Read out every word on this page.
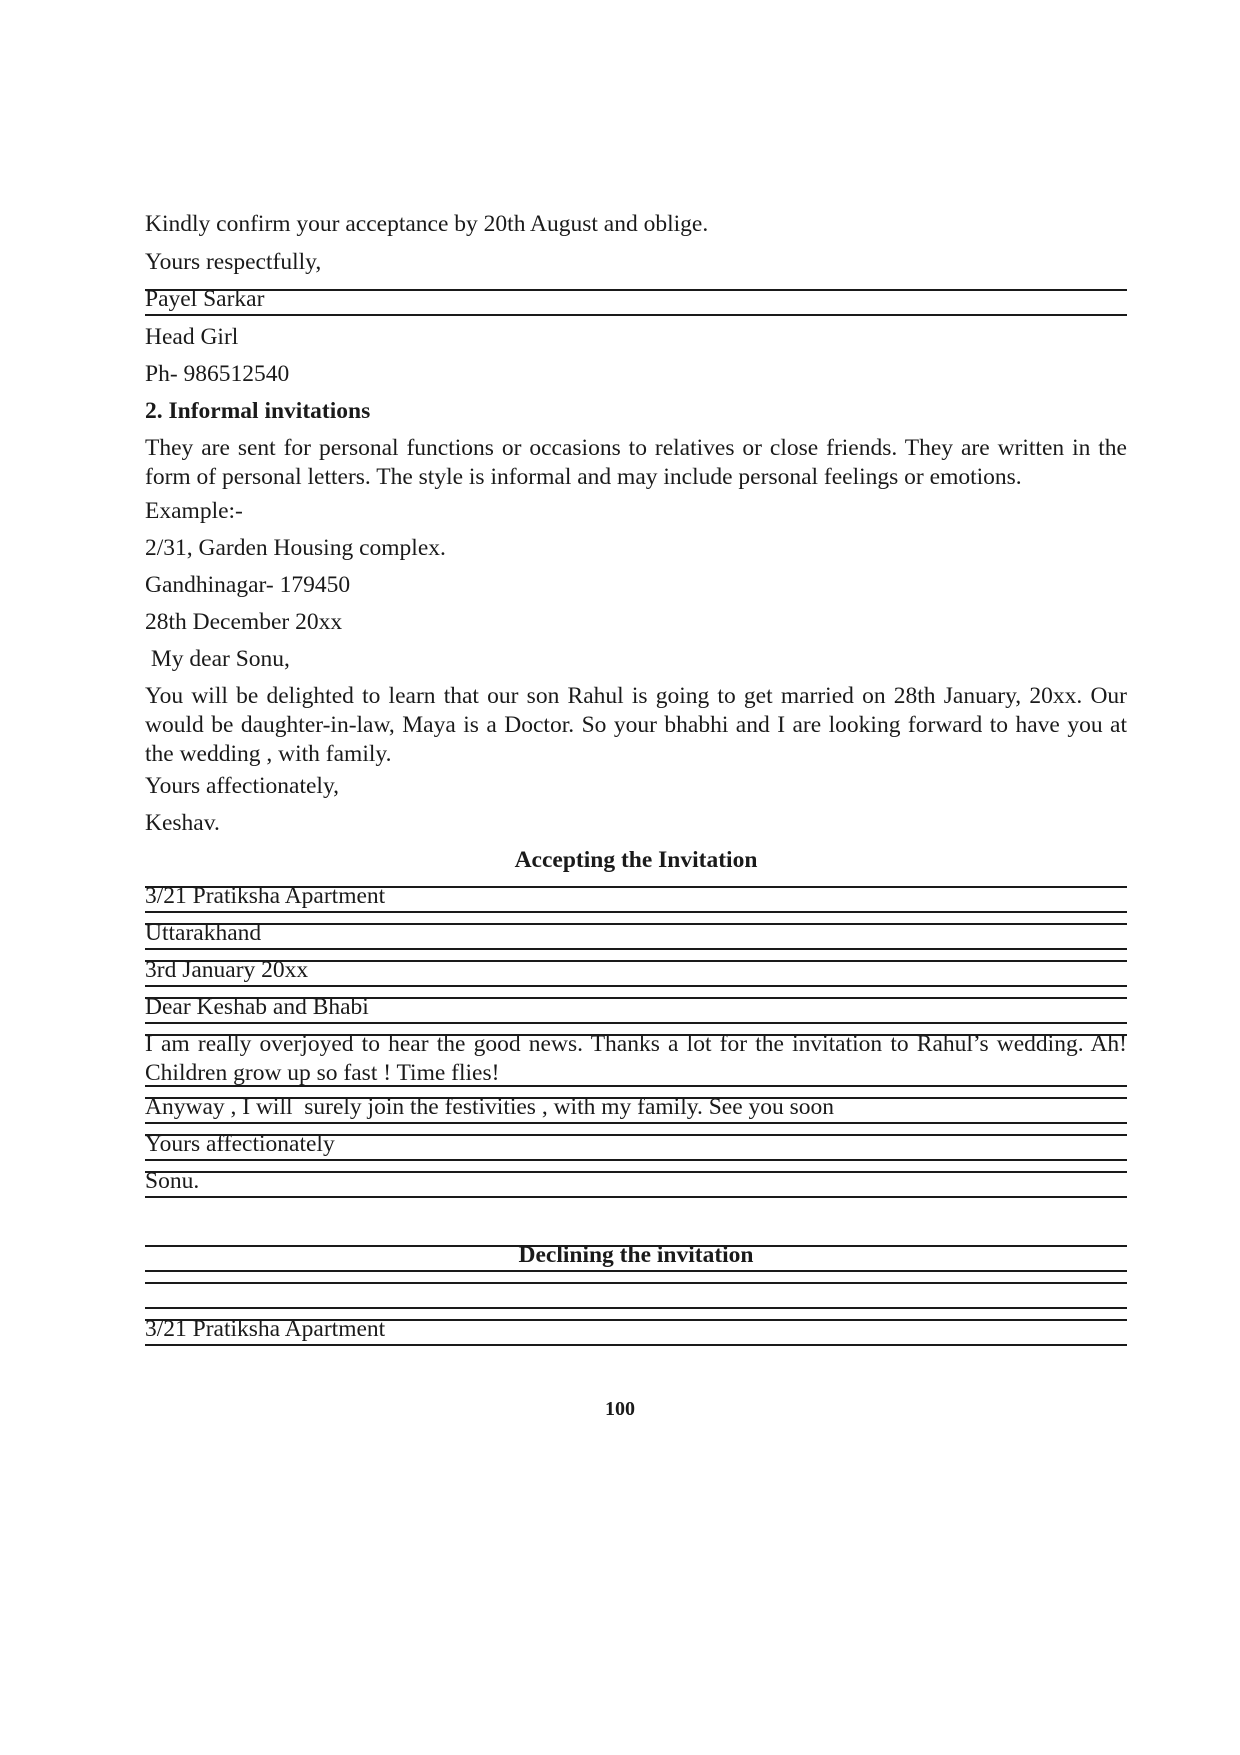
Kindly confirm your acceptance by 20th August and oblige.
Yours respectfully,
Payel Sarkar
Head Girl
Ph- 986512540
2. Informal invitations
They are sent for personal functions or occasions to relatives or close friends. They are written in the form of personal letters. The style is informal and may include personal feelings or emotions.
Example:-
2/31, Garden Housing complex.
Gandhinagar- 179450
28th December 20xx
My dear Sonu,
You will be delighted to learn that our son Rahul is going to get married on 28th January, 20xx. Our would be daughter-in-law, Maya is a Doctor. So your bhabhi and I are looking forward to have you at the wedding , with family.
Yours affectionately,
Keshav.
Accepting the Invitation
3/21 Pratiksha Apartment
Uttarakhand
3rd January 20xx
Dear Keshab and Bhabi
I am really overjoyed to hear the good news. Thanks a lot for the invitation to Rahul’s wedding. Ah! Children grow up so fast ! Time flies!
Anyway , I will  surely join the festivities , with my family. See you soon
Yours affectionately
Sonu.
Declining the invitation
3/21 Pratiksha Apartment
100
